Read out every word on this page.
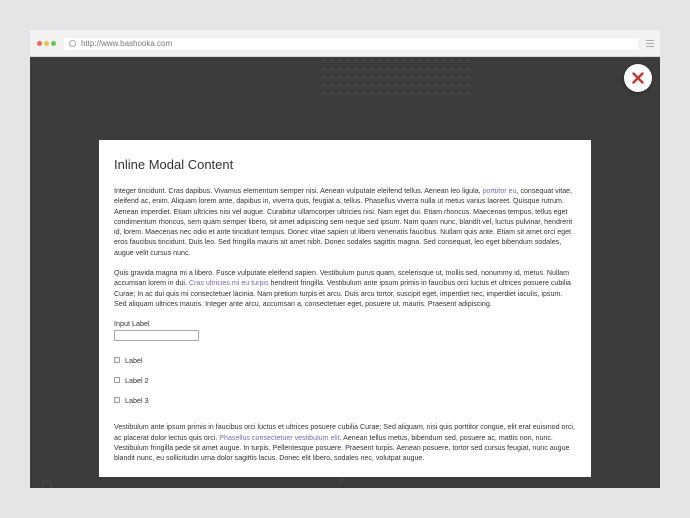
http://www.bashooka.com
Inline Modal Content

Integer tincidunt. Cras dapibus. Vivamus elementum semper nisi. Aenean vulputate eleifend tellus. Aenean leo ligula, porttitor eu, consequat vitae, eleifend ac, enim. Aliquam lorem ante, dapibus in, viverra quis, feugiat a, tellus. Phasellus viverra nulla ut metus varius laoreet. Quisque rutrum. Aenean imperdiet. Etiam ultricies nisi vel augue. Curabitur ullamcorper ultricies nisi. Nam eget dui. Etiam rhoncus. Maecenas tempus, tellus eget condimentum rhoncus, sem quam semper libero, sit amet adipiscing sem neque sed ipsum. Nam quam nunc, blandit vel, luctus pulvinar, hendrerit id, lorem. Maecenas nec odio et ante tincidunt tempus. Donec vitae sapien ut libero venenatis faucibus. Nullam quis ante. Etiam sit amet orci eget eros faucibus tincidunt. Duis leo. Sed fringilla mauris sit amet nibh. Donec sodales sagittis magna. Sed consequat, leo eget bibendum sodales, augue velit cursus nunc.

Quis gravida magna mi a libero. Fusce vulputate eleifend sapien. Vestibulum purus quam, scelerisque ut, mollis sed, nonummy id, metus. Nullam accumsan lorem in dui. Cras ultricies mi eu turpis hendrerit fringilla. Vestibulum ante ipsum primis in faucibus orci luctus et ultrices posuere cubilia Curae; In ac dui quis mi consectetuer lacinia. Nam pretium turpis et arcu. Duis arcu tortor, suscipit eget, imperdiet nec, imperdiet iaculis, ipsum. Sed aliquam ultrices mauris. Integer ante arcu, accumsan a, consectetuer eget, posuere ut, mauris. Praesent adipiscing.

Input Label
Label
Label 2
Label 3

Vestibulum ante ipsum primis in faucibus orci luctus et ultrices posuere cubilia Curae; Sed aliquam, nisi quis porttitor congue, elit erat euismod orci, ac placerat dolor lectus quis orci. Phasellus consectetuer vestibulum elit. Aenean tellus metus, bibendum sed, posuere ac, mattis non, nunc. Vestibulum fringilla pede sit amet augue. In turpis. Pellentesque posuere. Praesent turpis. Aenean posuere, tortor sed cursus feugiat, nunc augue blandit nunc, eu sollicitudin urna dolor sagittis lacus. Donec elit libero, sodales nec, volutpat augue.
